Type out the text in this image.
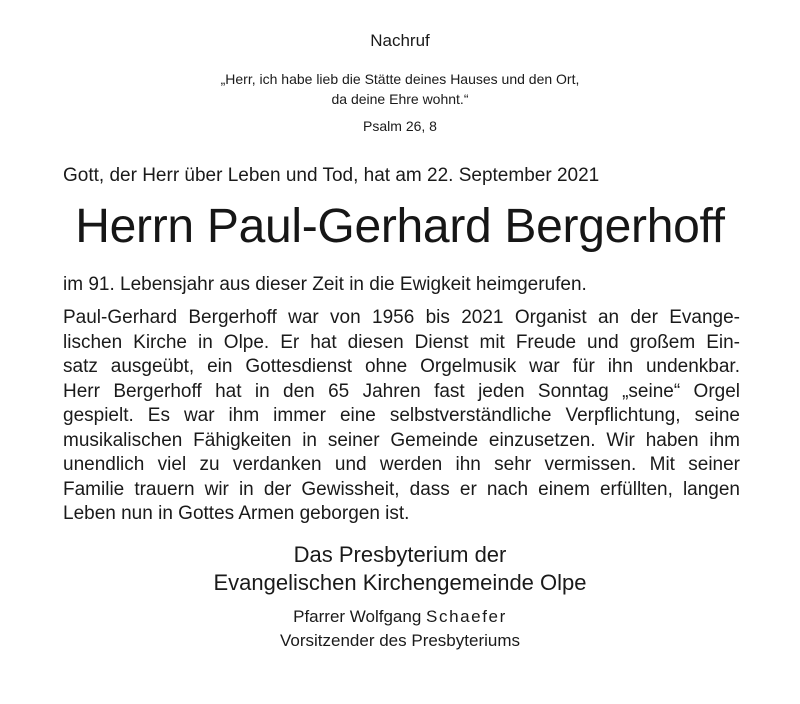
Nachruf
„Herr, ich habe lieb die Stätte deines Hauses und den Ort,
da deine Ehre wohnt.“
Psalm 26, 8
Gott, der Herr über Leben und Tod, hat am 22. September 2021
Herrn Paul-Gerhard Bergerhoff
im 91. Lebensjahr aus dieser Zeit in die Ewigkeit heimgerufen.
Paul-Gerhard Bergerhoff war von 1956 bis 2021 Organist an der Evange-
lischen Kirche in Olpe. Er hat diesen Dienst mit Freude und großem Ein-
satz ausgeübt, ein Gottesdienst ohne Orgelmusik war für ihn undenkbar.
Herr Bergerhoff hat in den 65 Jahren fast jeden Sonntag „seine“ Orgel
gespielt. Es war ihm immer eine selbstverständliche Verpflichtung, seine
musikalischen Fähigkeiten in seiner Gemeinde einzusetzen. Wir haben ihm
unendlich viel zu verdanken und werden ihn sehr vermissen. Mit seiner
Familie trauern wir in der Gewissheit, dass er nach einem erfüllten, langen
Leben nun in Gottes Armen geborgen ist.
Das Presbyterium der
Evangelischen Kirchengemeinde Olpe
Pfarrer Wolfgang Schaefer
Vorsitzender des Presbyteriums
